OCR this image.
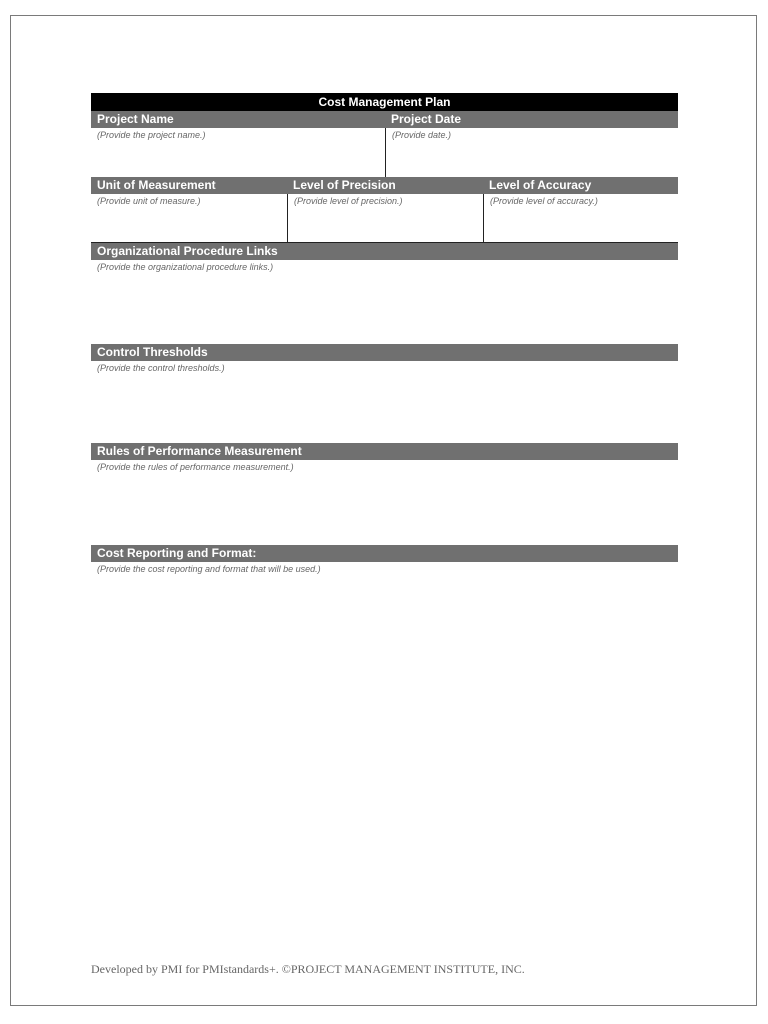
Cost Management Plan
Project Name
(Provide the project name.)
Project Date
(Provide date.)
Unit of Measurement
(Provide unit of measure.)
Level of Precision
(Provide level of precision.)
Level of Accuracy
(Provide level of accuracy.)
Organizational Procedure Links
(Provide the organizational procedure links.)
Control Thresholds
(Provide the control thresholds.)
Rules of Performance Measurement
(Provide the rules of performance measurement.)
Cost Reporting and Format:
(Provide the cost reporting and format that will be used.)
Developed by PMI for PMIstandards+. ©PROJECT MANAGEMENT INSTITUTE, INC.
